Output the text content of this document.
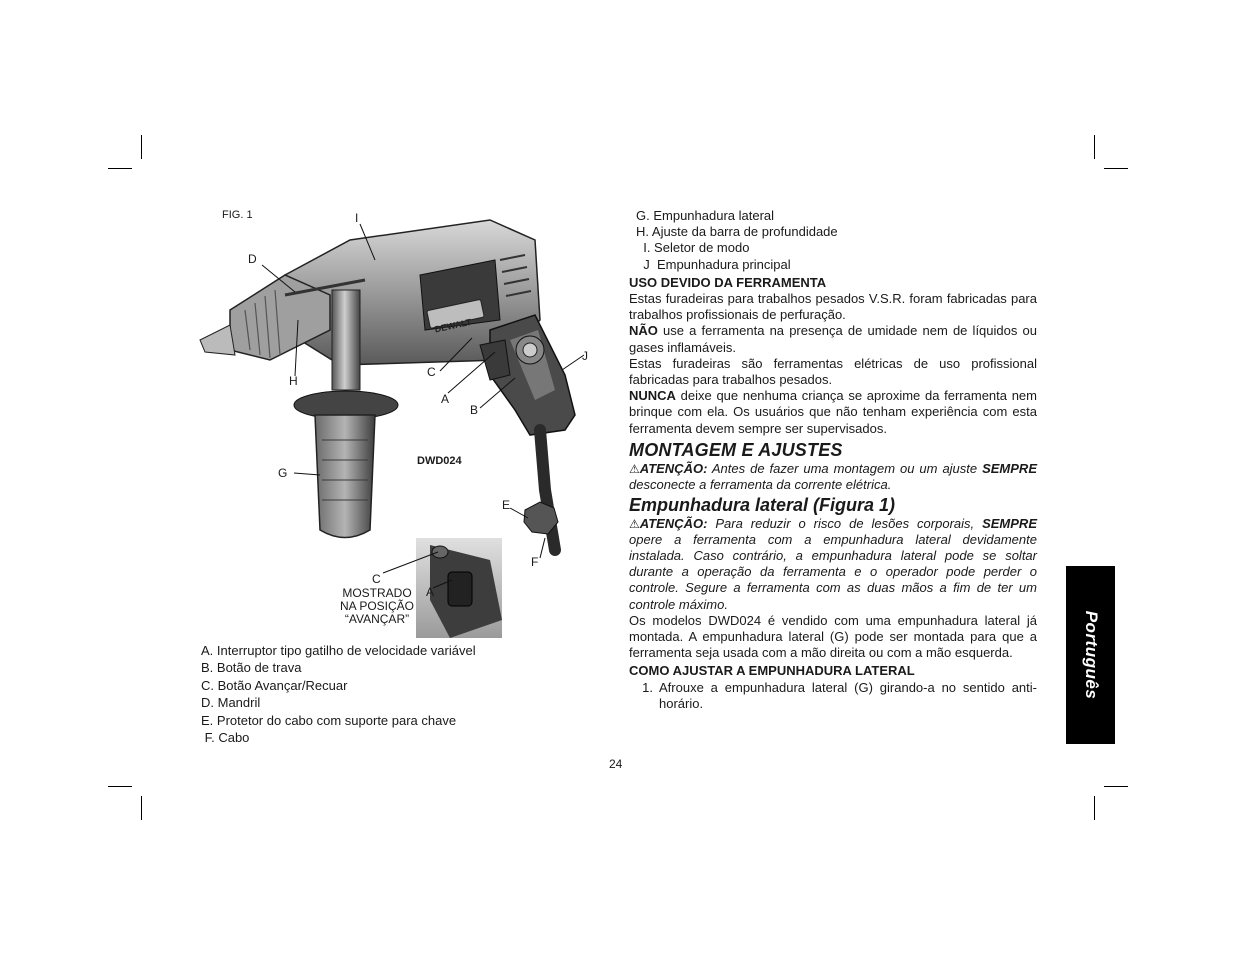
FIG. 1
DEWALT
I
D
H
C
A
B
J
G
E
F
C
A
DWD024
MOSTRADO
NA POSIÇÃO
“AVANÇAR”
A. Interruptor tipo gatilho de velocidade variável
B. Botão de trava
C. Botão Avançar/Recuar
D. Mandril
E. Protetor do cabo com suporte para chave
F. Cabo
G. Empunhadura lateral
H. Ajuste da barra de profundidade
I. Seletor de modo
J  Empunhadura principal
USO DEVIDO DA FERRAMENTA

Estas furadeiras para trabalhos pesados V.S.R. foram fabricadas para trabalhos profissionais de perfuração.

NÃO use a ferramenta na presença de umidade nem de líquidos ou gases inflamáveis.

Estas furadeiras são ferramentas elétricas de uso profissional fabricadas para trabalhos pesados.

NUNCA deixe que nenhuma criança se aproxime da ferramenta nem brinque com ela. Os usuários que não tenham experiência com esta ferramenta devem sempre ser supervisados.

MONTAGEM E AJUSTES

⚠ATENÇÃO: Antes de fazer uma montagem ou um ajuste SEMPRE desconecte a ferramenta da corrente elétrica.

Empunhadura lateral (Figura 1)

⚠ATENÇÃO: Para reduzir o risco de lesões corporais, SEMPRE opere a ferramenta com a empunhadura lateral devidamente instalada. Caso contrário, a empunhadura lateral pode se soltar durante a operação da ferramenta e o operador pode perder o controle. Segure a ferramenta com as duas mãos a fim de ter um controle máximo.

Os modelos DWD024 é vendido com uma empunhadura lateral já montada. A empunhadura lateral (G) pode ser montada para que a ferramenta seja usada com a mão direita ou com a mão esquerda.

COMO AJUSTAR A EMPUNHADURA LATERAL
1. Afrouxe a empunhadura lateral (G) girando-a no sentido anti-horário.
Português
24
